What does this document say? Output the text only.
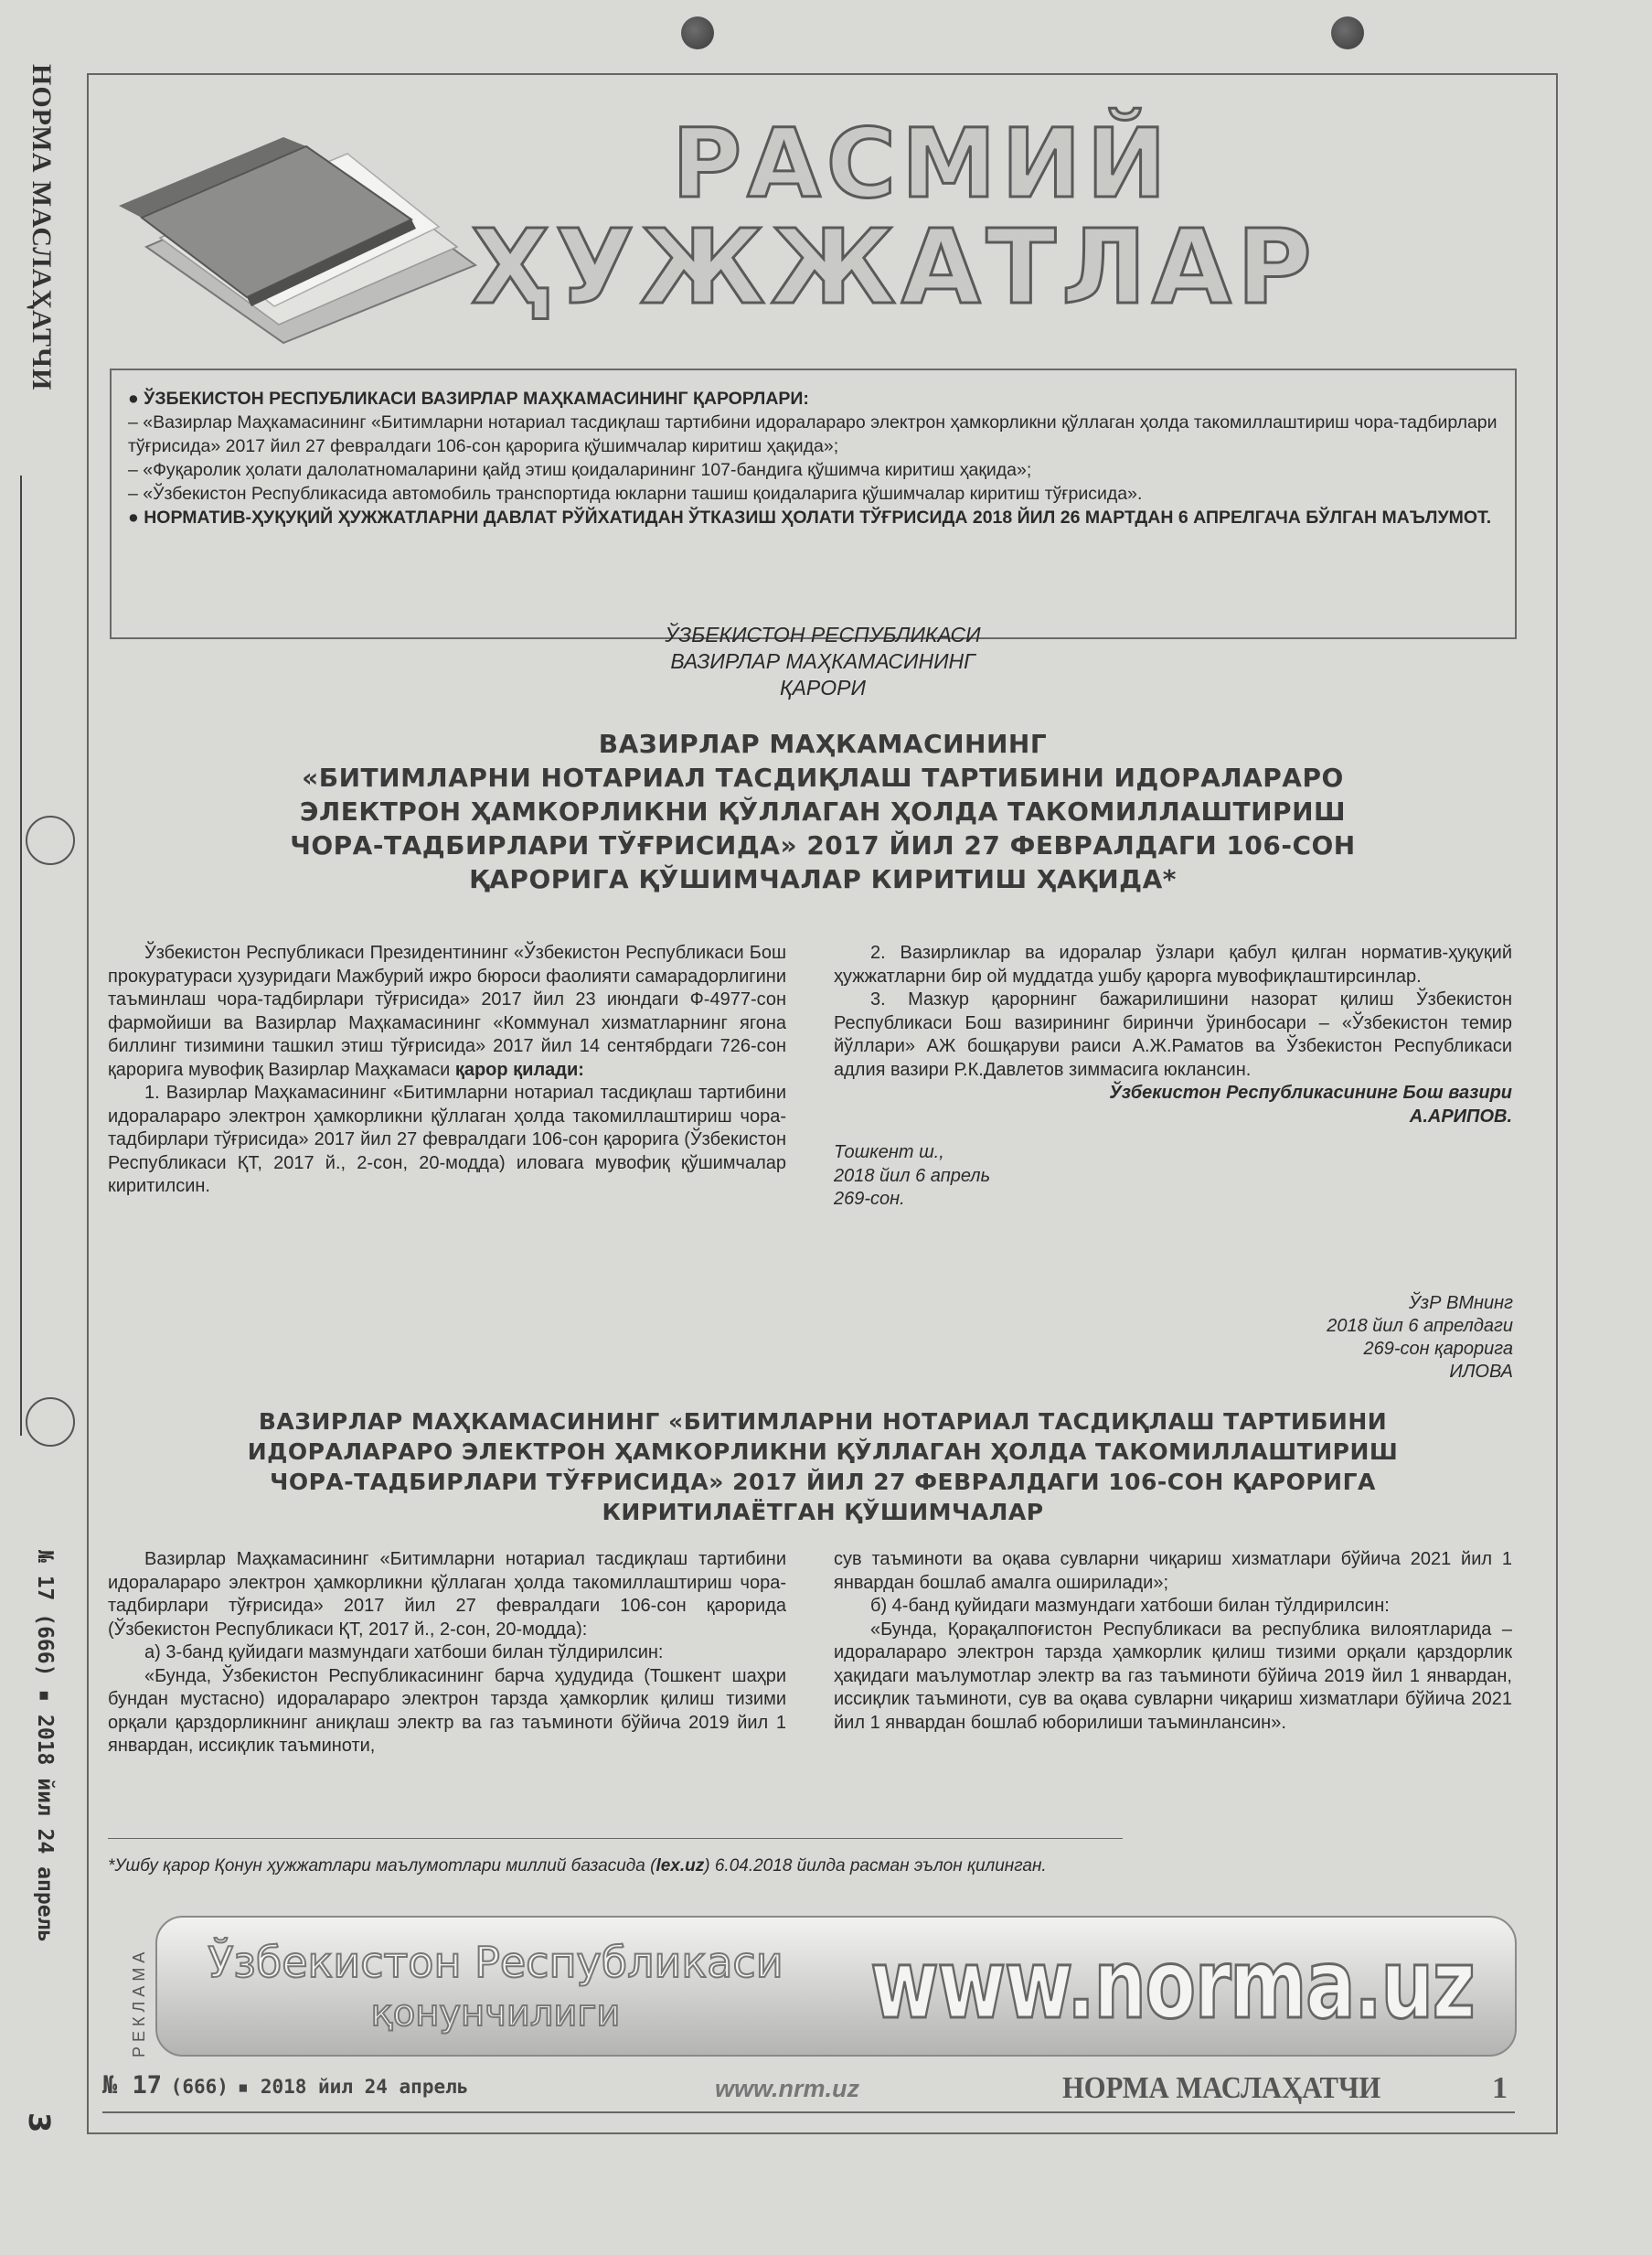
НОРМА МАСЛАҲАТЧИ
№ 17 (666) ▪ 2018 йил 24 апрель
3
РАСМИЙ
ҲУЖЖАТЛАР

● ЎЗБЕКИСТОН РЕСПУБЛИКАСИ ВАЗИРЛАР МАҲКАМАСИНИНГ ҚАРОРЛАРИ:

– «Вазирлар Маҳкамасининг «Битимларни нотариал тасдиқлаш тартибини идоралараро электрон ҳамкорликни қўллаган ҳолда такомиллаштириш чора-тадбирлари тўғрисида» 2017 йил 27 февралдаги 106-сон қарорига қўшимчалар киритиш ҳақида»;

– «Фуқаролик ҳолати далолатномаларини қайд этиш қоидаларининг 107-бандига қўшимча киритиш ҳақида»;

– «Ўзбекистон Республикасида автомобиль транспортида юкларни ташиш қоидаларига қўшимчалар киритиш тўғрисида».

● НОРМАТИВ-ҲУҚУҚИЙ ҲУЖЖАТЛАРНИ ДАВЛАТ РЎЙХАТИДАН ЎТКАЗИШ ҲОЛАТИ ТЎҒРИСИДА 2018 ЙИЛ 26 МАРТДАН 6 АПРЕЛГАЧА БЎЛГАН МАЪЛУМОТ.

ЎЗБЕКИСТОН РЕСПУБЛИКАСИ
ВАЗИРЛАР МАҲКАМАСИНИНГ
ҚАРОРИ
ВАЗИРЛАР МАҲКАМАСИНИНГ
«БИТИМЛАРНИ НОТАРИАЛ ТАСДИҚЛАШ ТАРТИБИНИ ИДОРАЛАРАРО
ЭЛЕКТРОН ҲАМКОРЛИКНИ ҚЎЛЛАГАН ҲОЛДА ТАКОМИЛЛАШТИРИШ
ЧОРА-ТАДБИРЛАРИ ТЎҒРИСИДА» 2017 ЙИЛ 27 ФЕВРАЛДАГИ 106-СОН
ҚАРОРИГА ҚЎШИМЧАЛАР КИРИТИШ ҲАҚИДА*

Ўзбекистон Республикаси Президентининг «Ўзбекистон Республикаси Бош прокуратураси ҳузуридаги Мажбурий ижро бюроси фаолияти самарадорлигини таъминлаш чора-тадбирлари тўғрисида» 2017 йил 23 июндаги Ф-4977-сон фармойиши ва Вазирлар Маҳкамасининг «Коммунал хизматларнинг ягона биллинг тизимини ташкил этиш тўғрисида» 2017 йил 14 сентябрдаги 726-сон қарорига мувофиқ Вазирлар Маҳкамаси қарор қилади:

1. Вазирлар Маҳкамасининг «Битимларни нотариал тасдиқлаш тартибини идоралараро электрон ҳамкорликни қўллаган ҳолда такомиллаштириш чора-тадбирлари тўғрисида» 2017 йил 27 февралдаги 106-сон қарорига (Ўзбекистон Республикаси ҚТ, 2017 й., 2-сон, 20-модда) иловага мувофиқ қўшимчалар киритилсин.

2. Вазирликлар ва идоралар ўзлари қабул қилган норматив-ҳуқуқий ҳужжатларни бир ой муддатда ушбу қарорга мувофиқлаштирсинлар.

3. Мазкур қарорнинг бажарилишини назорат қилиш Ўзбекистон Республикаси Бош вазирининг биринчи ўринбосари – «Ўзбекистон темир йўллари» АЖ бошқаруви раиси А.Ж.Раматов ва Ўзбекистон Республикаси адлия вазири Р.К.Давлетов зиммасига юклансин.

Ўзбекистон Республикасининг Бош вазири

А.АРИПОВ.

Тошкент ш.,

2018 йил 6 апрель

269-сон.

ЎзР ВМнинг
2018 йил 6 апрелдаги
269-сон қарорига
ИЛОВА
ВАЗИРЛАР МАҲКАМАСИНИНГ «БИТИМЛАРНИ НОТАРИАЛ ТАСДИҚЛАШ ТАРТИБИНИ
ИДОРАЛАРАРО ЭЛЕКТРОН ҲАМКОРЛИКНИ ҚЎЛЛАГАН ҲОЛДА ТАКОМИЛЛАШТИРИШ
ЧОРА-ТАДБИРЛАРИ ТЎҒРИСИДА» 2017 ЙИЛ 27 ФЕВРАЛДАГИ 106-СОН ҚАРОРИГА
КИРИТИЛАЁТГАН ҚЎШИМЧАЛАР

Вазирлар Маҳкамасининг «Битимларни нотариал тасдиқлаш тартибини идоралараро электрон ҳамкорликни қўллаган ҳолда такомиллаштириш чора-тадбирлари тўғрисида» 2017 йил 27 февралдаги 106-сон қарорида (Ўзбекистон Республикаси ҚТ, 2017 й., 2-сон, 20-модда):

а) 3-банд қуйидаги мазмундаги хатбоши билан тўлдирилсин:

«Бунда, Ўзбекистон Республикасининг барча ҳудудида (Тошкент шаҳри бундан мустасно) идоралараро электрон тарзда ҳамкорлик қилиш тизими орқали қарздорликнинг аниқлаш электр ва газ таъминоти бўйича 2019 йил 1 январдан, иссиқлик таъминоти,

сув таъминоти ва оқава сувларни чиқариш хизматлари бўйича 2021 йил 1 январдан бошлаб амалга оширилади»;

б) 4-банд қуйидаги мазмундаги хатбоши билан тўлдирилсин:

«Бунда, Қорақалпоғистон Республикаси ва республика вилоятларида – идоралараро электрон тарзда ҳамкорлик қилиш тизими орқали қарздорлик ҳақидаги маълумотлар электр ва газ таъминоти бўйича 2019 йил 1 январдан, иссиқлик таъминоти, сув ва оқава сувларни чиқариш хизматлари бўйича 2021 йил 1 январдан бошлаб юборилиши таъминлансин».

*Ушбу қарор Қонун ҳужжатлари маълумотлари миллий базасида (lex.uz) 6.04.2018 йилда расман эълон қилинган.
РЕКЛАМА	Ўзбекистон Республикаси
қонунчилиги	www.norma.uz
№ 17 (666) ▪ 2018 йил 24 апрель	www.nrm.uz	НОРМА МАСЛАҲАТЧИ	1
